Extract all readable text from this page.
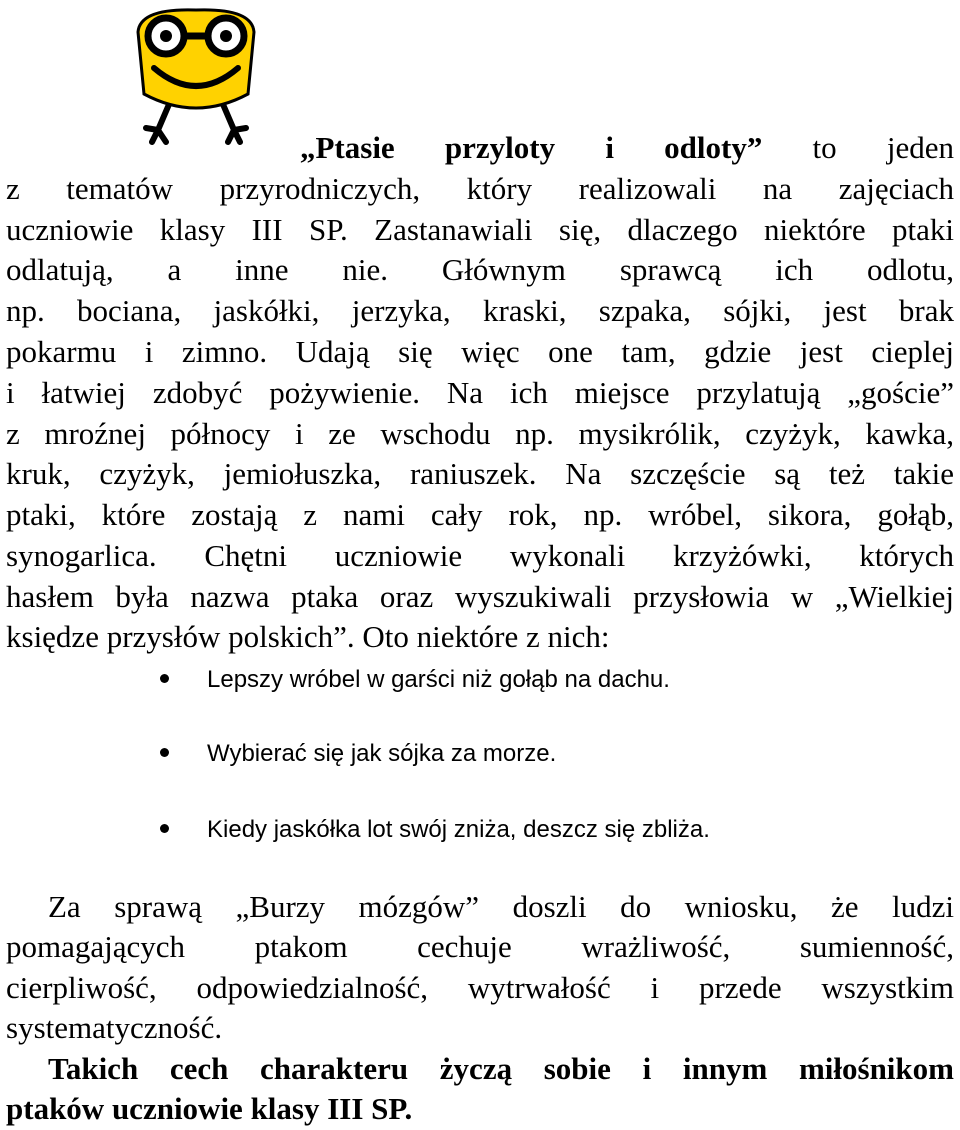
„Ptasie przyloty i odloty” to jeden
z tematów przyrodniczych, który realizowali na zajęciach
uczniowie klasy III SP. Zastanawiali się, dlaczego niektóre ptaki
odlatują, a inne nie. Głównym sprawcą ich odlotu,
np. bociana, jaskółki, jerzyka, kraski, szpaka, sójki, jest brak
pokarmu i zimno. Udają się więc one tam, gdzie jest cieplej
i łatwiej zdobyć pożywienie. Na ich miejsce przylatują „goście”
z mroźnej północy i ze wschodu np. mysikrólik, czyżyk, kawka,
kruk, czyżyk, jemiołuszka, raniuszek. Na szczęście są też takie
ptaki, które zostają z nami cały rok, np. wróbel, sikora, gołąb,
synogarlica. Chętni uczniowie wykonali krzyżówki, których
hasłem była nazwa ptaka oraz wyszukiwali przysłowia w „Wielkiej
księdze przysłów polskich”. Oto niektóre z nich:
Lepszy wróbel w garści niż gołąb na dachu.
Wybierać się jak sójka za morze.
Kiedy jaskółka lot swój zniża, deszcz się zbliża.
Za sprawą „Burzy mózgów” doszli do wniosku, że ludzi
pomagających ptakom cechuje wrażliwość, sumienność,
cierpliwość, odpowiedzialność, wytrwałość i przede wszystkim
systematyczność.
Takich cech charakteru życzą sobie i innym miłośnikom
ptaków uczniowie klasy III SP.
